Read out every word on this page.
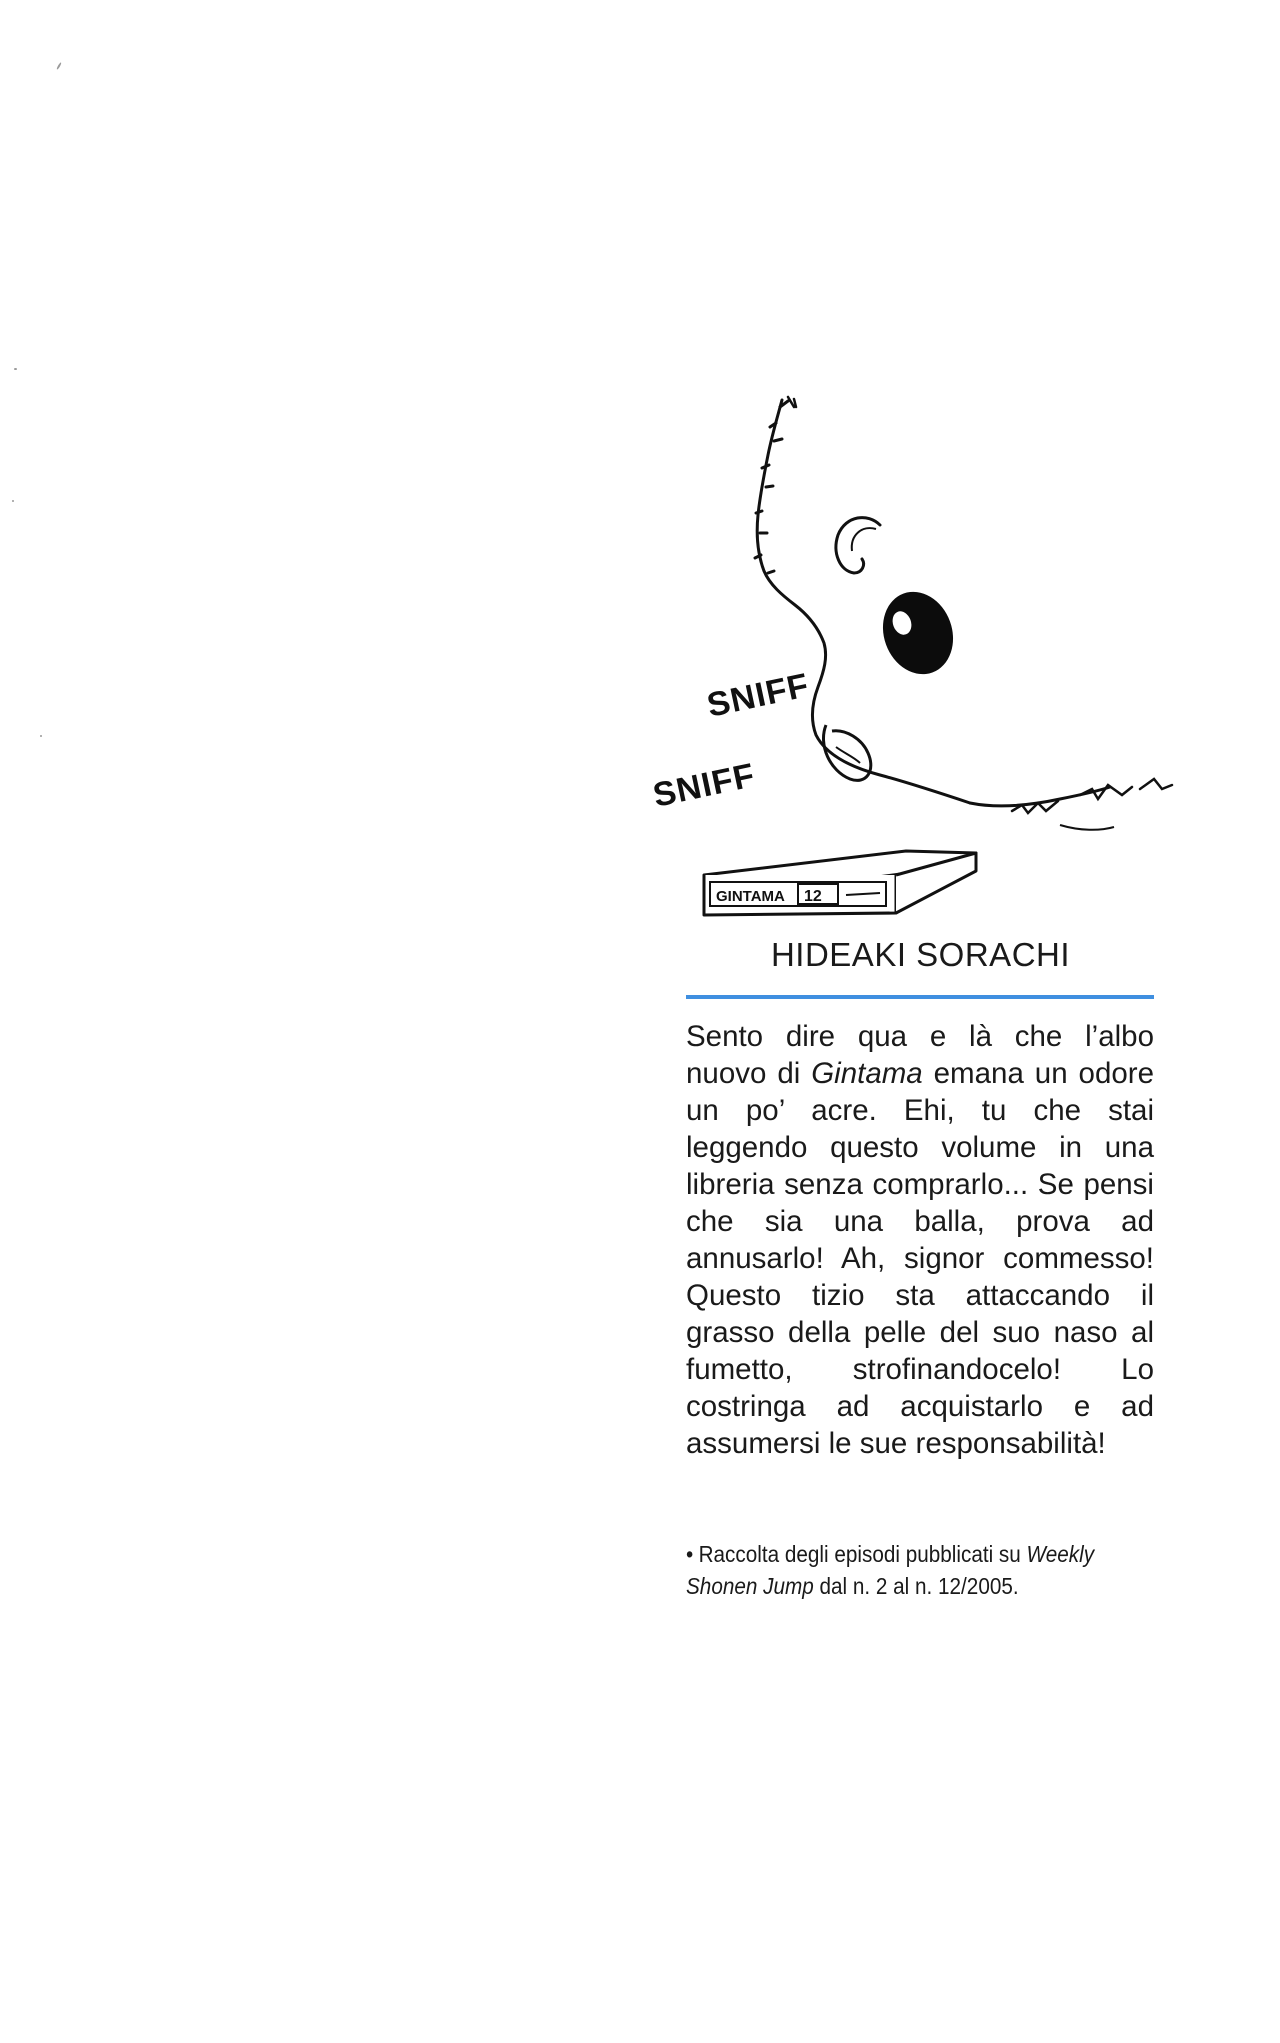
SNIFF
SNIFF
GINTAMA 12
HIDEAKI SORACHI
Sento dire qua e là che l’albo nuovo di Gintama emana un odore un po’ acre. Ehi, tu che stai leggendo questo volume in una libreria senza comprarlo... Se pensi che sia una balla, prova ad annusarlo! Ah, signor commesso! Questo tizio sta attaccando il grasso della pelle del suo naso al fumetto, strofinandocelo! Lo costringa ad acquistarlo e ad assumersi le sue responsabilità!
• Raccolta degli episodi pubblicati su Weekly Shonen Jump dal n. 2 al n. 12/2005.
